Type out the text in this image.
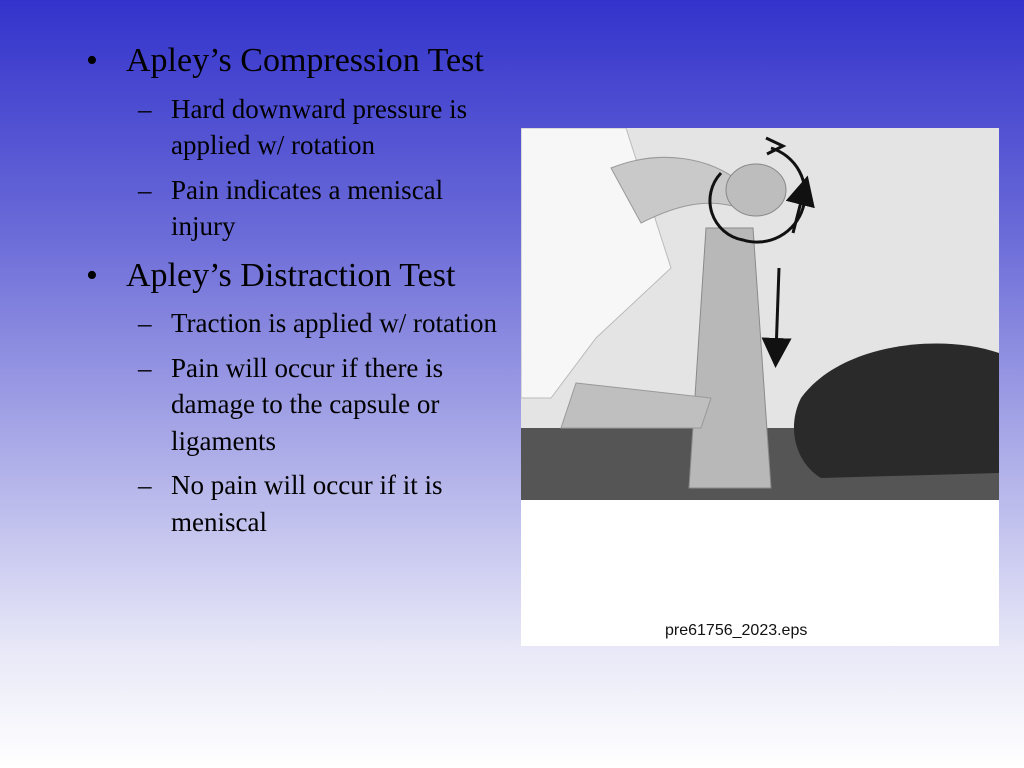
• Apley’s Compression Test
– Hard downward pressure is applied w/ rotation
– Pain indicates a meniscal injury
• Apley’s Distraction Test
– Traction is applied w/ rotation
– Pain will occur if there is damage to the capsule or ligaments
– No pain will occur if it is meniscal
pre61756_2023.eps
